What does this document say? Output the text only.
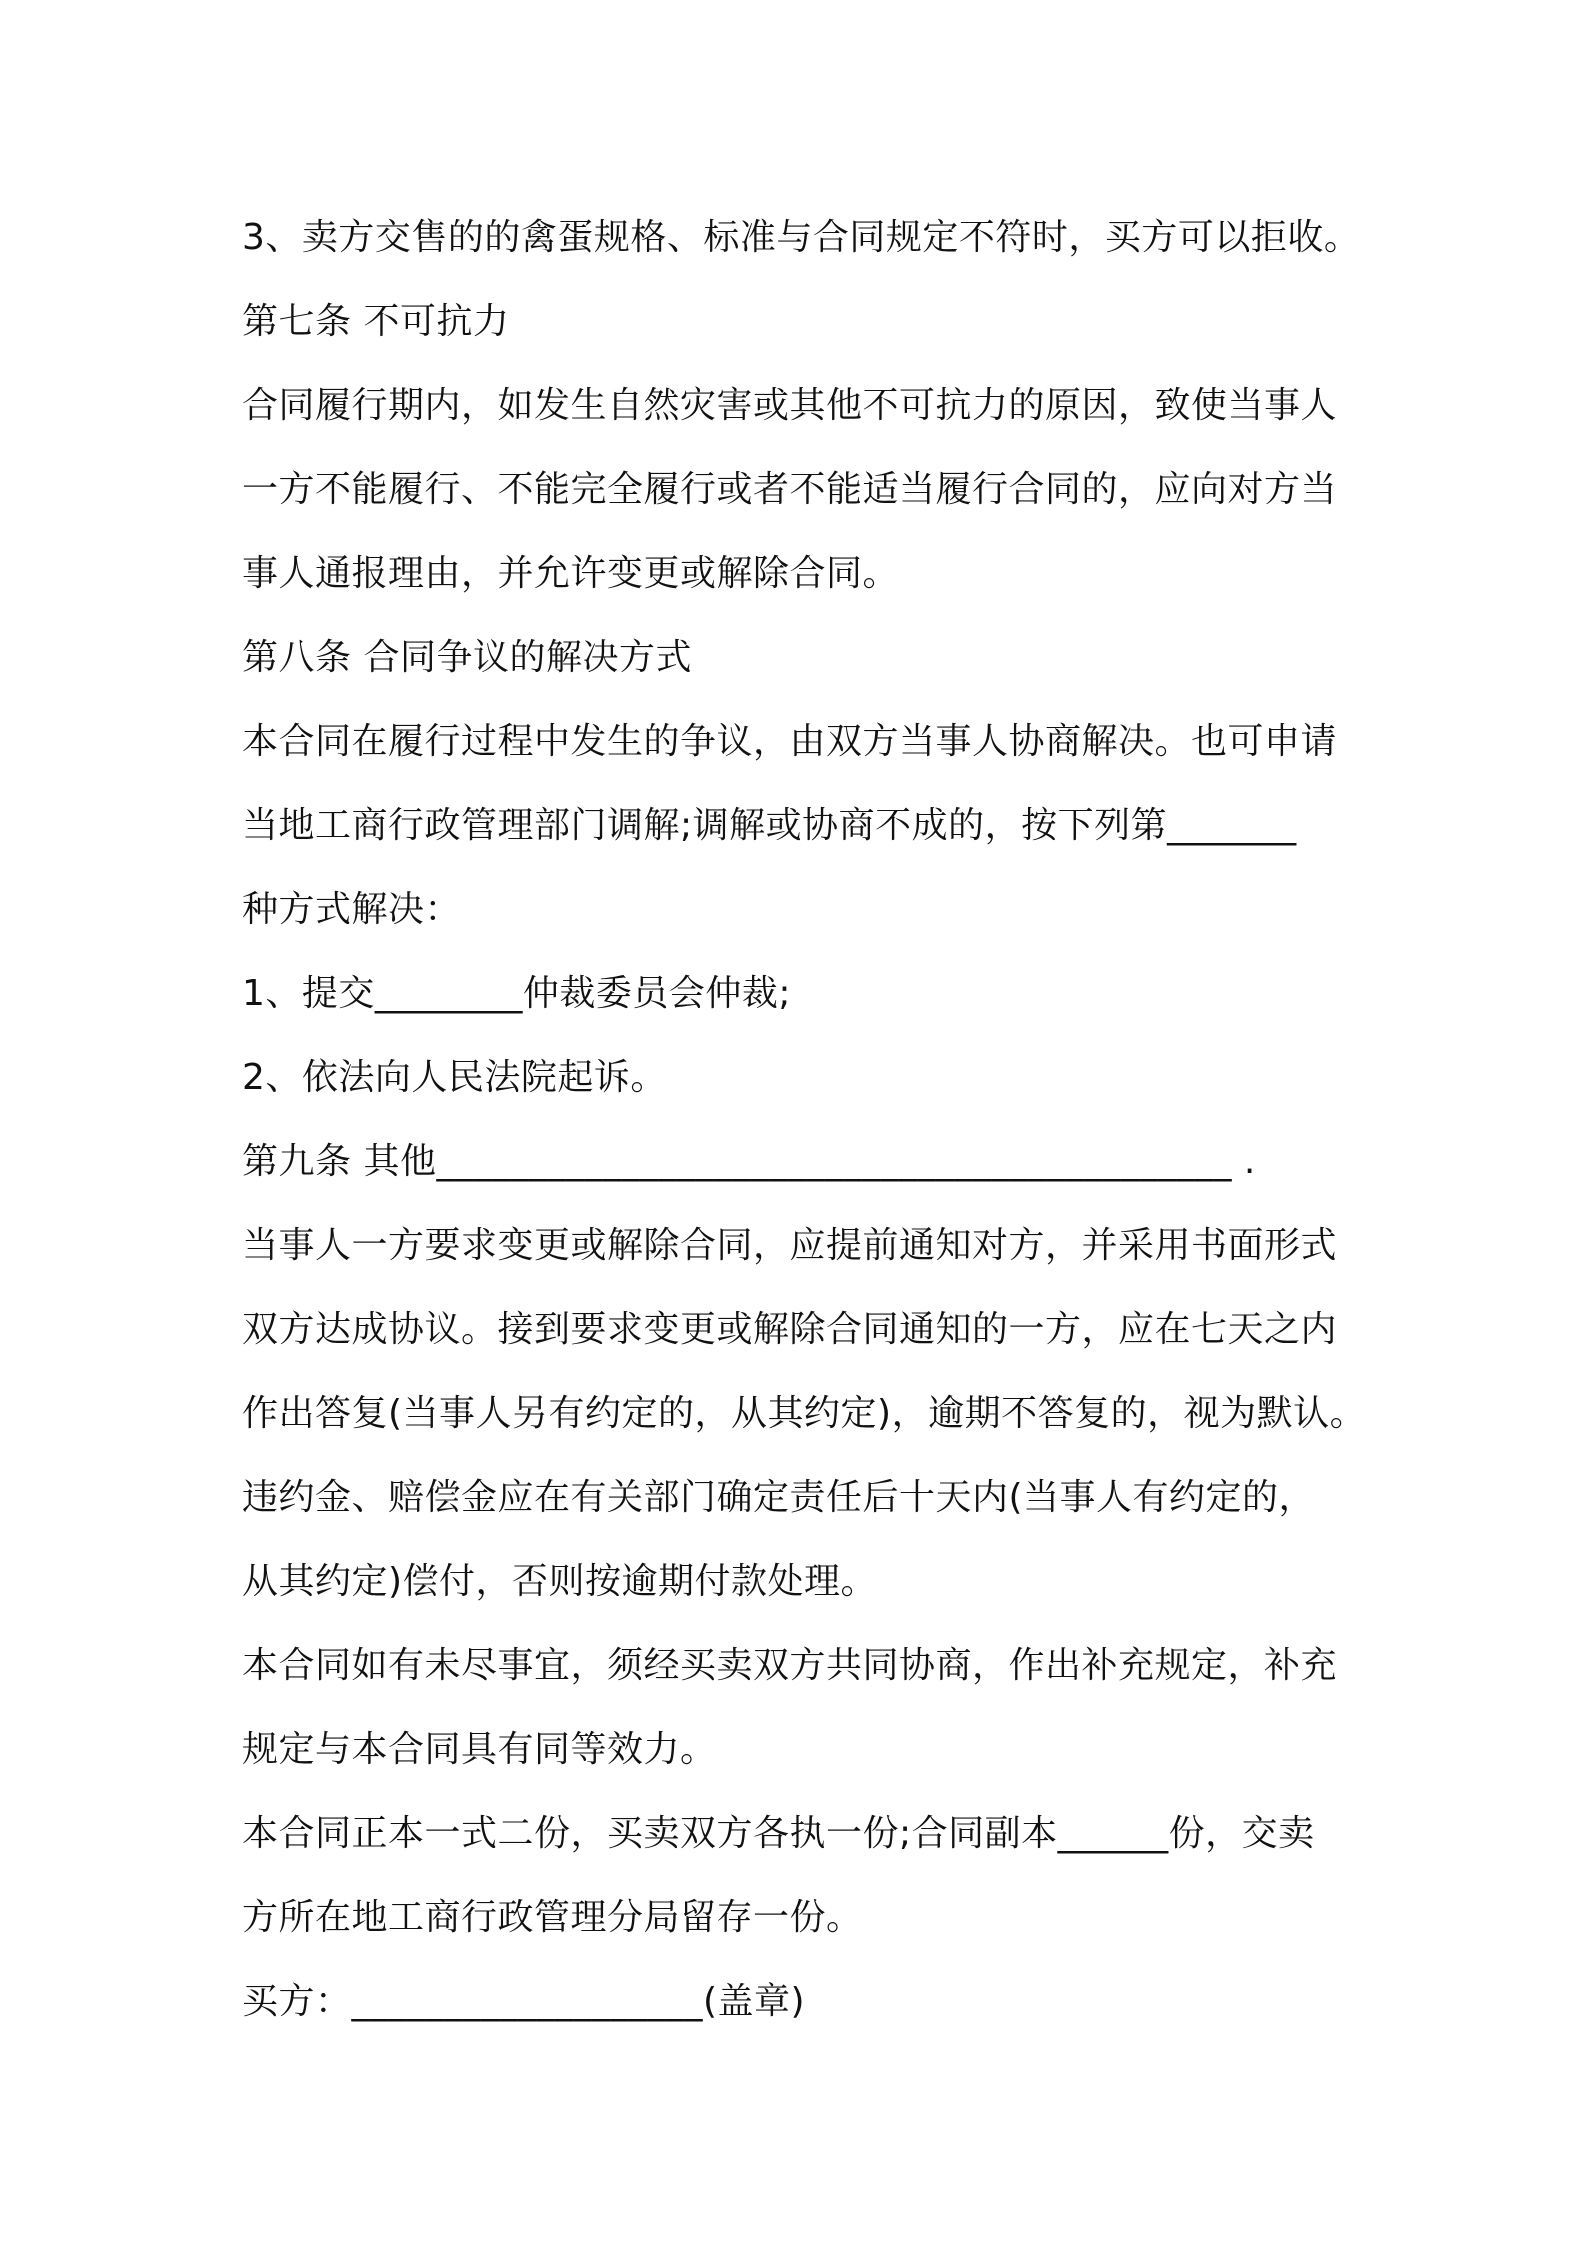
3、卖方交售的的禽蛋规格、标准与合同规定不符时，买方可以拒收。

第七条 不可抗力

合同履行期内，如发生自然灾害或其他不可抗力的原因，致使当事人

一方不能履行、不能完全履行或者不能适当履行合同的，应向对方当

事人通报理由，并允许变更或解除合同。

第八条 合同争议的解决方式

本合同在履行过程中发生的争议，由双方当事人协商解决。也可申请

当地工商行政管理部门调解;调解或协商不成的，按下列第_______

种方式解决：

1、提交________仲裁委员会仲裁;

2、依法向人民法院起诉。

第九条 其他___________________________________________ .

当事人一方要求变更或解除合同，应提前通知对方，并采用书面形式

双方达成协议。接到要求变更或解除合同通知的一方，应在七天之内

作出答复(当事人另有约定的，从其约定)，逾期不答复的，视为默认。

违约金、赔偿金应在有关部门确定责任后十天内(当事人有约定的，

从其约定)偿付，否则按逾期付款处理。

本合同如有未尽事宜，须经买卖双方共同协商，作出补充规定，补充

规定与本合同具有同等效力。

本合同正本一式二份，买卖双方各执一份;合同副本______份，交卖

方所在地工商行政管理分局留存一份。

买方：___________________(盖章)
